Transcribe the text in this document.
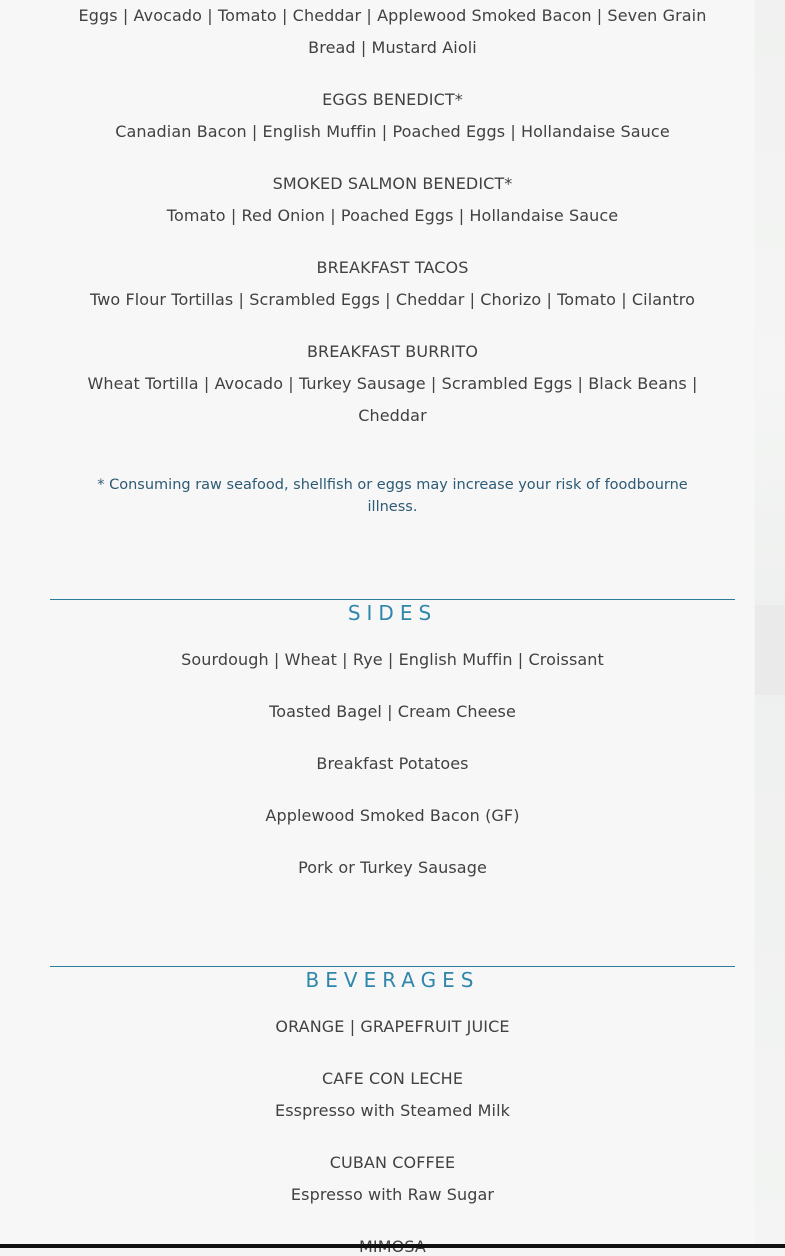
Eggs | Avocado | Tomato | Cheddar | Applewood Smoked Bacon | Seven Grain
Bread | Mustard Aioli
EGGS BENEDICT*
Canadian Bacon | English Muffin | Poached Eggs | Hollandaise Sauce
SMOKED SALMON BENEDICT*
Tomato | Red Onion | Poached Eggs | Hollandaise Sauce
BREAKFAST TACOS
Two Flour Tortillas | Scrambled Eggs | Cheddar | Chorizo | Tomato | Cilantro
BREAKFAST BURRITO
Wheat Tortilla | Avocado | Turkey Sausage | Scrambled Eggs | Black Beans |
Cheddar
* Consuming raw seafood, shellfish or eggs may increase your risk of foodbourne
illness.
SIDES
Sourdough | Wheat | Rye | English Muffin | Croissant
Toasted Bagel | Cream Cheese
Breakfast Potatoes
Applewood Smoked Bacon (GF)
Pork or Turkey Sausage
BEVERAGES
ORANGE | GRAPEFRUIT JUICE
CAFE CON LECHE
Esspresso with Steamed Milk
CUBAN COFFEE
Espresso with Raw Sugar
